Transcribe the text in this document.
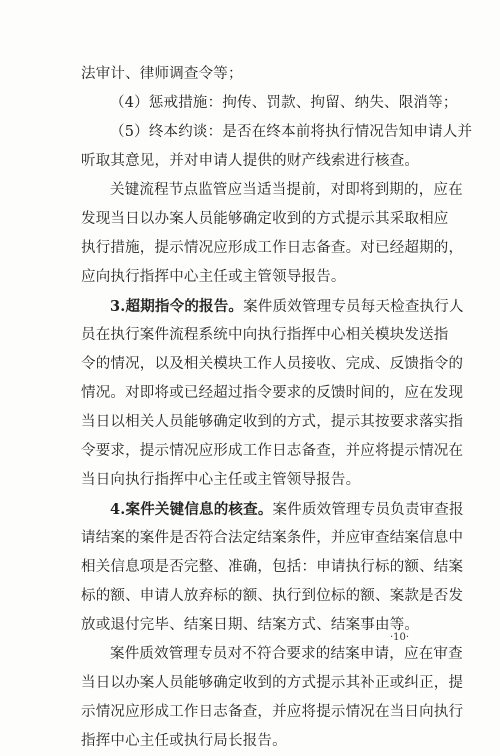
法审计、律师调查令等；

（4）惩戒措施：拘传、罚款、拘留、纳失、限消等；

（5）终本约谈：是否在终本前将执行情况告知申请人并
听取其意见，并对申请人提供的财产线索进行核查。

关键流程节点监管应当适当提前，对即将到期的，应在
发现当日以办案人员能够确定收到的方式提示其采取相应
执行措施，提示情况应形成工作日志备查。对已经超期的，
应向执行指挥中心主任或主管领导报告。

3.超期指令的报告。案件质效管理专员每天检查执行人
员在执行案件流程系统中向执行指挥中心相关模块发送指
令的情况，以及相关模块工作人员接收、完成、反馈指令的
情况。对即将或已经超过指令要求的反馈时间的，应在发现
当日以相关人员能够确定收到的方式，提示其按要求落实指
令要求，提示情况应形成工作日志备查，并应将提示情况在
当日向执行指挥中心主任或主管领导报告。

4.案件关键信息的核查。案件质效管理专员负责审查报
请结案的案件是否符合法定结案条件，并应审查结案信息中
相关信息项是否完整、准确，包括：申请执行标的额、结案
标的额、申请人放弃标的额、执行到位标的额、案款是否发
放或退付完毕、结案日期、结案方式、结案事由等。

案件质效管理专员对不符合要求的结案申请，应在审查
当日以办案人员能够确定收到的方式提示其补正或纠正，提
示情况应形成工作日志备查，并应将提示情况在当日向执行
指挥中心主任或执行局长报告。

·10·
